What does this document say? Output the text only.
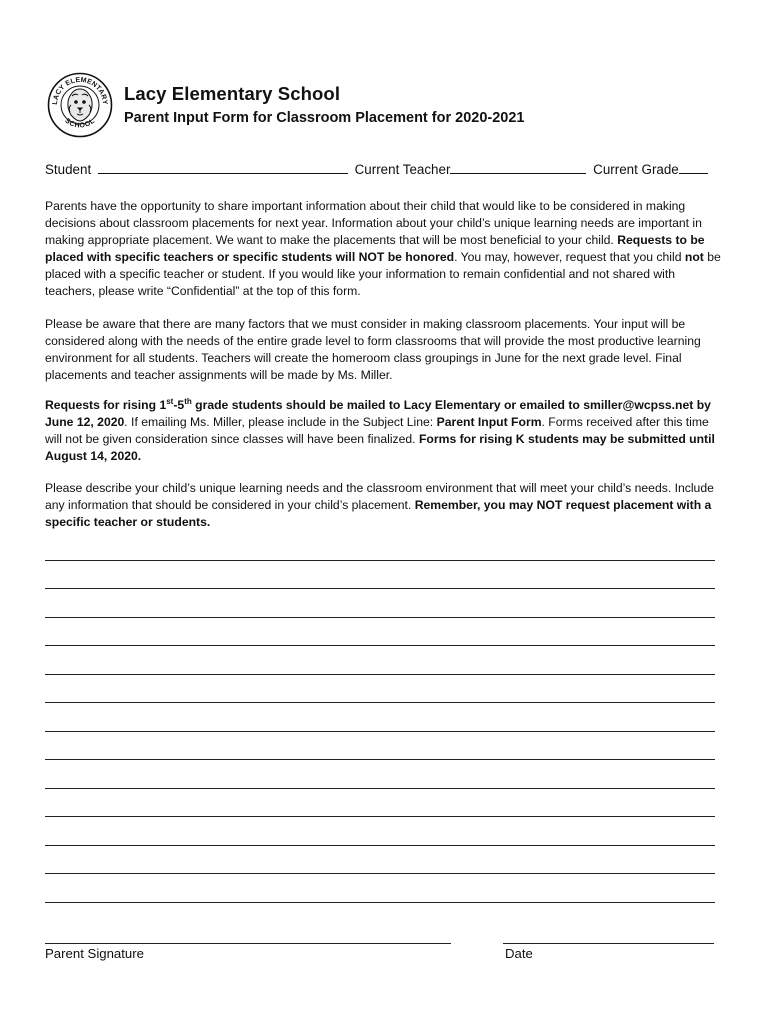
LACY ELEMENTARY
SCHOOL
Lacy Elementary School
Parent Input Form for Classroom Placement for 2020-2021
Student	Current Teacher	Current Grade
Parents have the opportunity to share important information about their child that would like to be considered in making decisions about classroom placements for next year. Information about your child’s unique learning needs are important in making appropriate placement. We want to make the placements that will be most beneficial to your child. Requests to be placed with specific teachers or specific students will NOT be honored. You may, however, request that you child not be placed with a specific teacher or student. If you would like your information to remain confidential and not shared with teachers, please write “Confidential” at the top of this form.
Please be aware that there are many factors that we must consider in making classroom placements. Your input will be considered along with the needs of the entire grade level to form classrooms that will provide the most productive learning environment for all students. Teachers will create the homeroom class groupings in June for the next grade level. Final placements and teacher assignments will be made by Ms. Miller.
Requests for rising 1st-5th grade students should be mailed to Lacy Elementary or emailed to smiller@wcpss.net by June 12, 2020. If emailing Ms. Miller, please include in the Subject Line: Parent Input Form. Forms received after this time will not be given consideration since classes will have been finalized. Forms for rising K students may be submitted until August 14, 2020.
Please describe your child’s unique learning needs and the classroom environment that will meet your child’s needs. Include any information that should be considered in your child’s placement. Remember, you may NOT request placement with a specific teacher or students.
Parent Signature	Date
